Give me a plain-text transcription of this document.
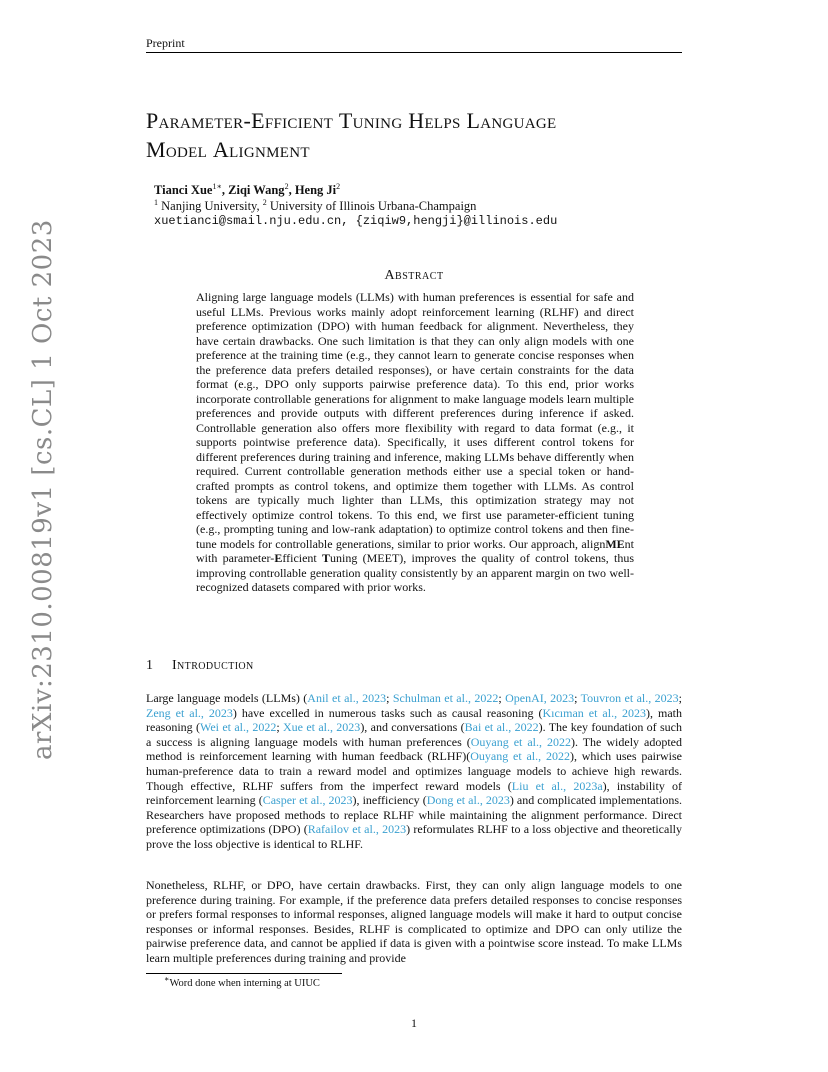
Preprint
arXiv:2310.00819v1 [cs.CL] 1 Oct 2023
Parameter-Efficient Tuning Helps Language
Model Alignment
Tianci Xue$^{1∗}$, Ziqi Wang$^2$, Heng Ji$^2$
$^1$ Nanjing University, $^2$ University of Illinois Urbana-Champaign
xuetianci@smail.nju.edu.cn, {ziqiw9,hengji}@illinois.edu
Abstract
Aligning large language models (LLMs) with human preferences is essential for safe and useful LLMs. Previous works mainly adopt reinforcement learning (RLHF) and direct preference optimization (DPO) with human feedback for alignment. Nevertheless, they have certain drawbacks. One such limitation is that they can only align models with one preference at the training time (e.g., they cannot learn to generate concise responses when the preference data prefers detailed responses), or have certain constraints for the data format (e.g., DPO only supports pairwise preference data). To this end, prior works incorporate controllable generations for alignment to make language models learn multiple preferences and provide outputs with different preferences during inference if asked. Controllable generation also offers more flexibility with regard to data format (e.g., it supports pointwise preference data). Specifically, it uses different control tokens for different preferences during training and inference, making LLMs behave differently when required. Current controllable generation methods either use a special token or hand-crafted prompts as control tokens, and optimize them together with LLMs. As control tokens are typically much lighter than LLMs, this optimization strategy may not effectively optimize control tokens. To this end, we first use parameter-efficient tuning (e.g., prompting tuning and low-rank adaptation) to optimize control tokens and then fine-tune models for controllable generations, similar to prior works. Our approach, alignMEnt with parameter-Efficient Tuning (MEET), improves the quality of control tokens, thus improving controllable generation quality consistently by an apparent margin on two well-recognized datasets compared with prior works.
1 Introduction
Large language models (LLMs) (Anil et al., 2023; Schulman et al., 2022; OpenAI, 2023; Touvron et al., 2023; Zeng et al., 2023) have excelled in numerous tasks such as causal reasoning (Kıcıman et al., 2023), math reasoning (Wei et al., 2022; Xue et al., 2023), and conversations (Bai et al., 2022). The key foundation of such a success is aligning language models with human preferences (Ouyang et al., 2022). The widely adopted method is reinforcement learning with human feedback (RLHF)(Ouyang et al., 2022), which uses pairwise human-preference data to train a reward model and optimizes language models to achieve high rewards. Though effective, RLHF suffers from the imperfect reward models (Liu et al., 2023a), instability of reinforcement learning (Casper et al., 2023), inefficiency (Dong et al., 2023) and complicated implementations. Researchers have proposed methods to replace RLHF while maintaining the alignment performance. Direct preference optimizations (DPO) (Rafailov et al., 2023) reformulates RLHF to a loss objective and theoretically prove the loss objective is identical to RLHF.
Nonetheless, RLHF, or DPO, have certain drawbacks. First, they can only align language models to one preference during training. For example, if the preference data prefers detailed responses to concise responses or prefers formal responses to informal responses, aligned language models will make it hard to output concise responses or informal responses. Besides, RLHF is complicated to optimize and DPO can only utilize the pairwise preference data, and cannot be applied if data is given with a pointwise score instead. To make LLMs learn multiple preferences during training and provide
∗Word done when interning at UIUC
1
